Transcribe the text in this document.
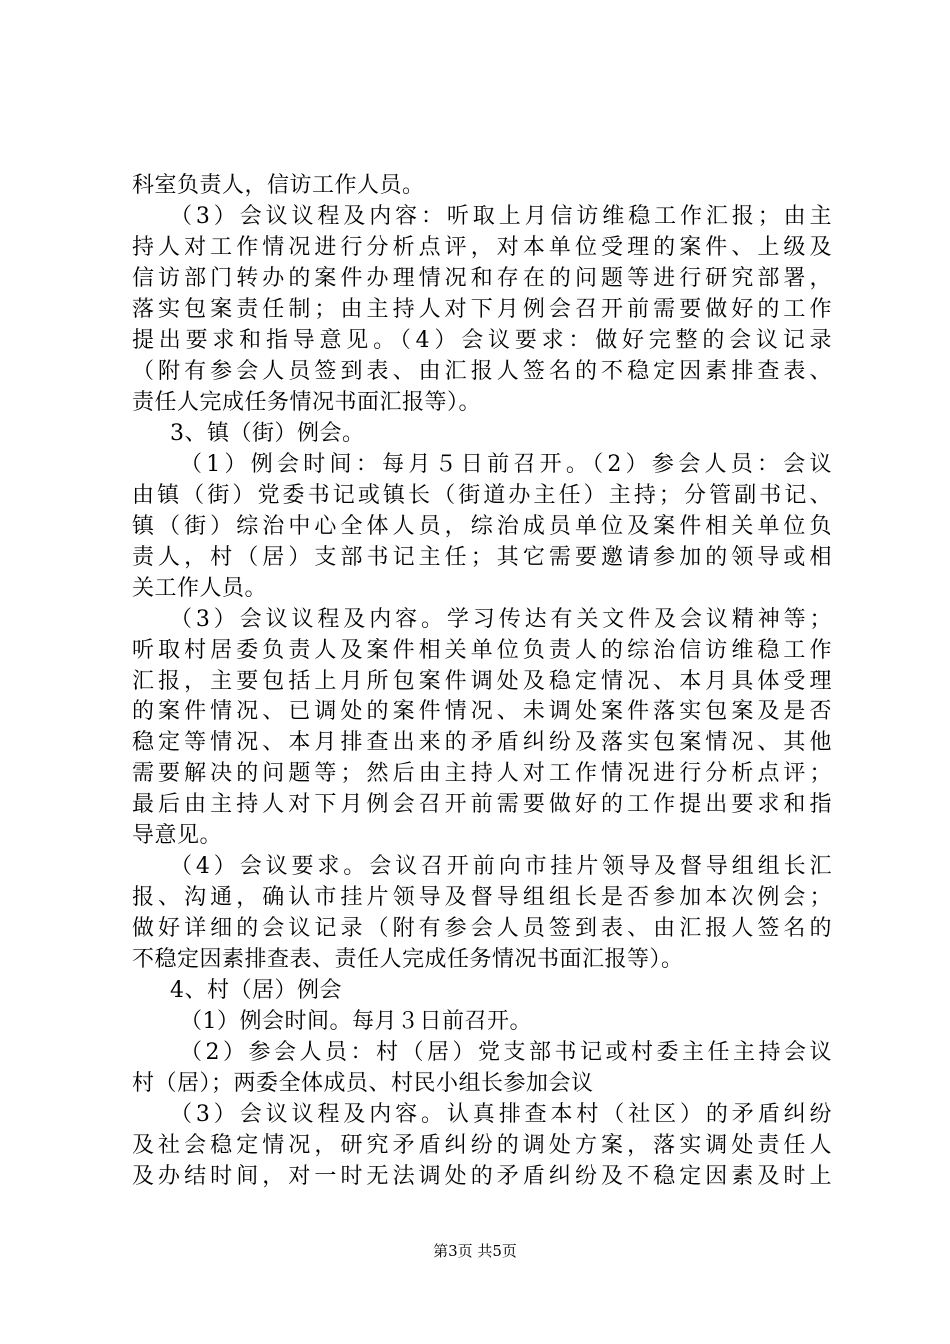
科室负责人，信访工作人员。
（3）会议议程及内容：听取上月信访维稳工作汇报；由主
持人对工作情况进行分析点评，对本单位受理的案件、上级及
信访部门转办的案件办理情况和存在的问题等进行研究部署，
落实包案责任制；由主持人对下月例会召开前需要做好的工作
提出要求和指导意见。（4）会议要求：做好完整的会议记录
（附有参会人员签到表、由汇报人签名的不稳定因素排查表、
责任人完成任务情况书面汇报等）。
3、镇（街）例会。
（1）例会时间：每月５日前召开。（2）参会人员：会议
由镇（街）党委书记或镇长（街道办主任）主持；分管副书记、
镇（街）综治中心全体人员，综治成员单位及案件相关单位负
责人，村（居）支部书记主任；其它需要邀请参加的领导或相
关工作人员。
（3）会议议程及内容。学习传达有关文件及会议精神等；
听取村居委负责人及案件相关单位负责人的综治信访维稳工作
汇报，主要包括上月所包案件调处及稳定情况、本月具体受理
的案件情况、已调处的案件情况、未调处案件落实包案及是否
稳定等情况、本月排查出来的矛盾纠纷及落实包案情况、其他
需要解决的问题等；然后由主持人对工作情况进行分析点评；
最后由主持人对下月例会召开前需要做好的工作提出要求和指
导意见。
（4）会议要求。会议召开前向市挂片领导及督导组组长汇
报、沟通，确认市挂片领导及督导组组长是否参加本次例会；
做好详细的会议记录（附有参会人员签到表、由汇报人签名的
不稳定因素排查表、责任人完成任务情况书面汇报等）。
4、村（居）例会
（1）例会时间。每月３日前召开。
（2）参会人员：村（居）党支部书记或村委主任主持会议
村（居）；两委全体成员、村民小组长参加会议
（3）会议议程及内容。认真排查本村（社区）的矛盾纠纷
及社会稳定情况，研究矛盾纠纷的调处方案，落实调处责任人
及办结时间，对一时无法调处的矛盾纠纷及不稳定因素及时上
第3页 共5页
